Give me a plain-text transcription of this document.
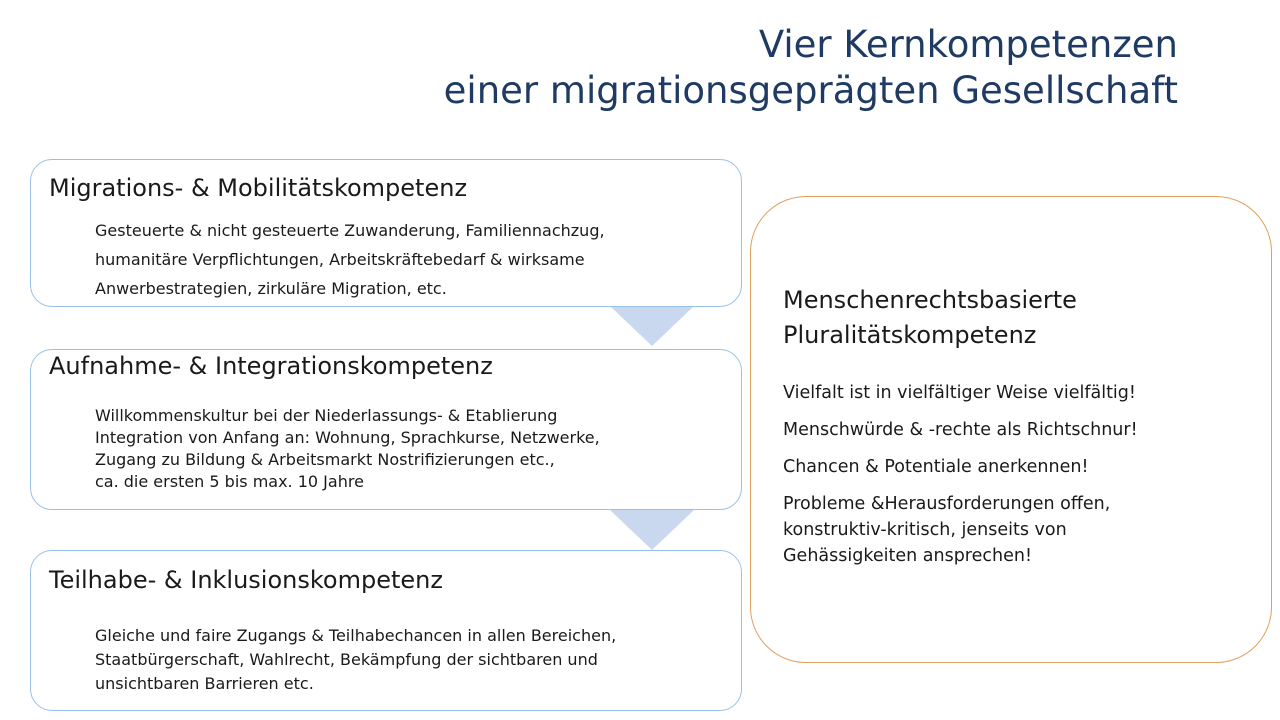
Vier Kernkompetenzen
einer migrationsgeprägten Gesellschaft
Migrations- & Mobilitätskompetenz
Gesteuerte & nicht gesteuerte Zuwanderung, Familiennachzug,
humanitäre Verpflichtungen, Arbeitskräftebedarf & wirksame
Anwerbestrategien, zirkuläre Migration, etc.
Aufnahme- & Integrationskompetenz
Willkommenskultur bei der Niederlassungs- & Etablierung
Integration von Anfang an: Wohnung, Sprachkurse, Netzwerke,
Zugang zu Bildung & Arbeitsmarkt Nostrifizierungen etc.,
ca. die ersten 5 bis max. 10 Jahre
Teilhabe- & Inklusionskompetenz
Gleiche und faire Zugangs & Teilhabechancen in allen Bereichen,
Staatbürgerschaft, Wahlrecht, Bekämpfung der sichtbaren und
unsichtbaren Barrieren etc.
Menschenrechtsbasierte
Pluralitätskompetenz
Vielfalt ist in vielfältiger Weise vielfältig!
Menschwürde & -rechte als Richtschnur!
Chancen & Potentiale anerkennen!
Probleme &Herausforderungen offen,
konstruktiv-kritisch, jenseits von
Gehässigkeiten ansprechen!
